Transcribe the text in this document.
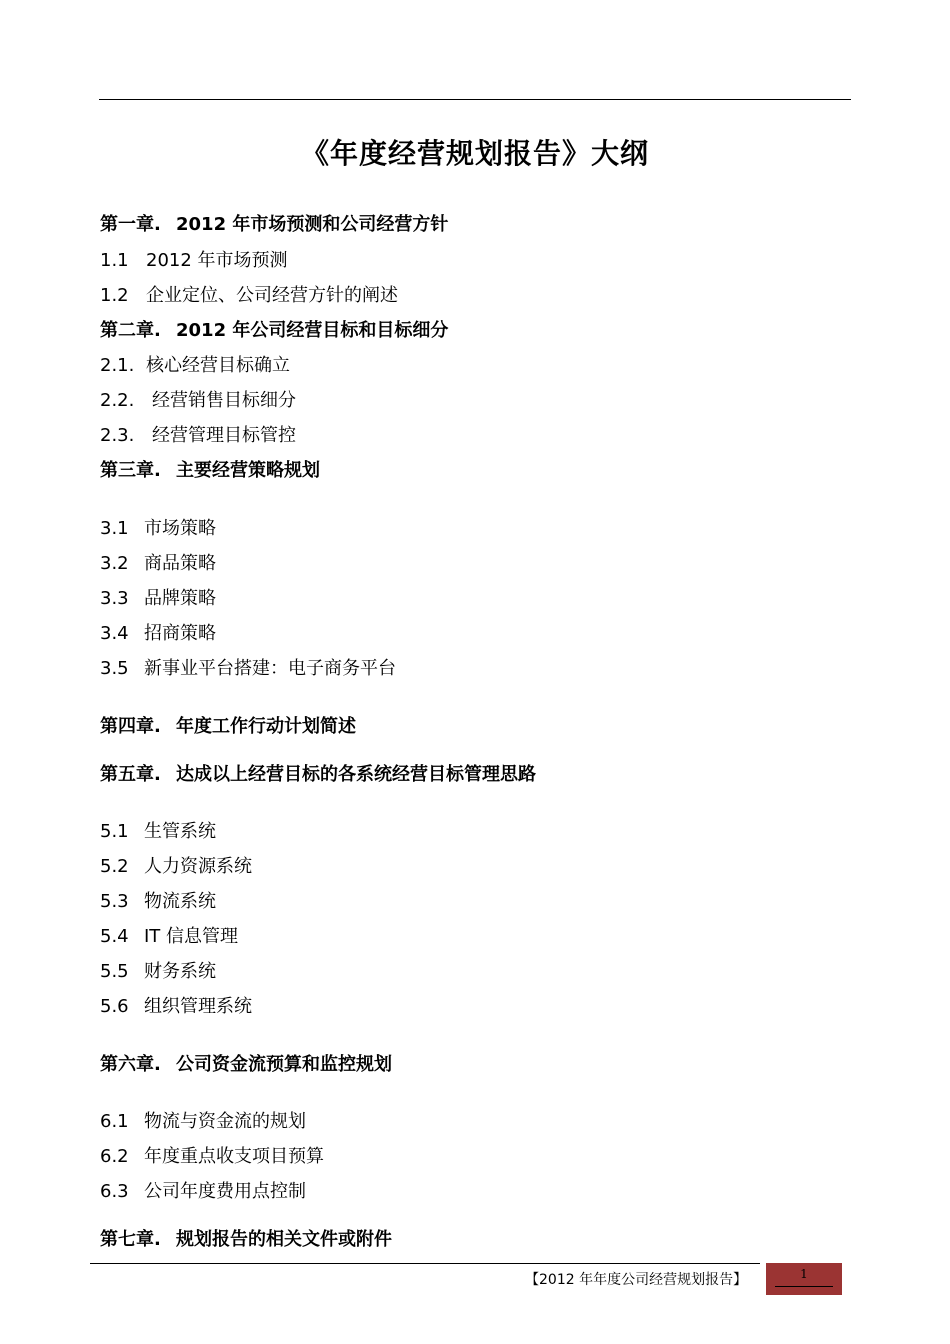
《年度经营规划报告》大纲
第一章. 2012 年市场预测和公司经营方针
1.1 2012 年市场预测
1.2 企业定位、公司经营方针的阐述
第二章. 2012 年公司经营目标和目标细分
2.1. 核心经营目标确立
2.2. 经营销售目标细分
2.3. 经营管理目标管控
第三章. 主要经营策略规划
3.1 市场策略
3.2 商品策略
3.3 品牌策略
3.4 招商策略
3.5 新事业平台搭建：电子商务平台
第四章. 年度工作行动计划简述
第五章. 达成以上经营目标的各系统经营目标管理思路
5.1 生管系统
5.2 人力资源系统
5.3 物流系统
5.4 IT 信息管理
5.5 财务系统
5.6 组织管理系统
第六章. 公司资金流预算和监控规划
6.1 物流与资金流的规划
6.2 年度重点收支项目预算
6.3 公司年度费用点控制
第七章. 规划报告的相关文件或附件
【2012 年年度公司经营规划报告】	1
